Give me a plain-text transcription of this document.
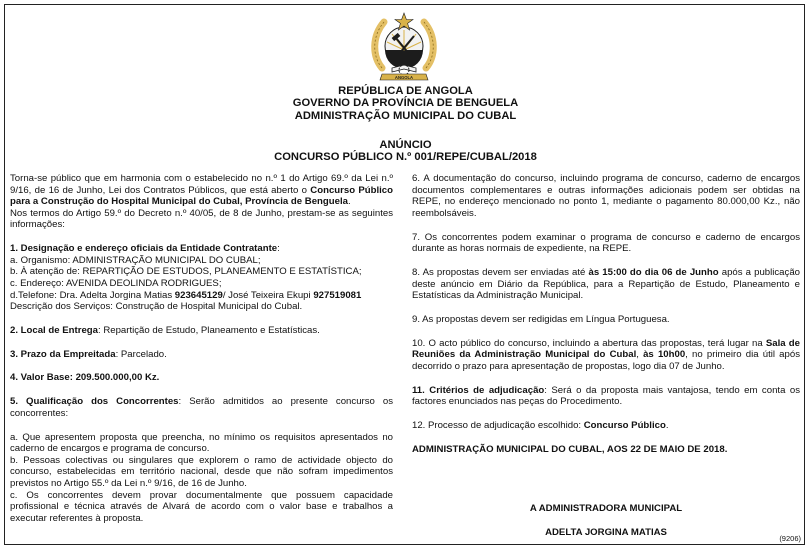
ANGOLA
REPÚBLICA DE ANGOLA
GOVERNO DA PROVÍNCIA DE BENGUELA
ADMINISTRAÇÃO MUNICIPAL DO CUBAL
ANÚNCIO
CONCURSO PÚBLICO N.º 001/REPE/CUBAL/2018

Torna-se público que em harmonia com o estabelecido no n.º 1 do Artigo 69.º da Lei n.º 9/16, de 16 de Junho, Lei dos Contratos Públicos, que está aberto o Concurso Público para a Construção do Hospital Municipal do Cubal, Província de Benguela.

Nos termos do Artigo 59.º do Decreto n.º 40/05, de 8 de Junho, prestam-se as seguintes informações:

1. Designação e endereço oficiais da Entidade Contratante:
a. Organismo: ADMINISTRAÇÃO MUNICIPAL DO CUBAL;
b. À atenção de: REPARTIÇÃO DE ESTUDOS, PLANEAMENTO E ESTATÍSTICA;
c. Endereço: AVENIDA DEOLINDA RODRIGUES;
d.Telefone: Dra. Adelta Jorgina Matias 923645129/ José Teixeira Ekupi 927519081
Descrição dos Serviços: Construção de Hospital Municipal do Cubal.

2. Local de Entrega: Repartição de Estudo, Planeamento e Estatísticas.

3. Prazo da Empreitada: Parcelado.

4. Valor Base: 209.500.000,00 Kz.

5. Qualificação dos Concorrentes: Serão admitidos ao presente concurso os concorrentes:

a. Que apresentem proposta que preencha, no mínimo os requisitos apresentados no caderno de encargos e programa de concurso.

b. Pessoas colectivas ou singulares que explorem o ramo de actividade objecto do concurso, estabelecidas em território nacional, desde que não sofram impedimentos previstos no Artigo 55.º da Lei n.º 9/16, de 16 de Junho.

c. Os concorrentes devem provar documentalmente que possuem capacidade profissional e técnica através de Alvará de acordo com o valor base e trabalhos a executar referentes à proposta.

6. A documentação do concurso, incluindo programa de concurso, caderno de encargos documentos complementares e outras informações adicionais podem ser obtidas na REPE, no endereço mencionado no ponto 1, mediante o pagamento 80.000,00 Kz., não reembolsáveis.

7. Os concorrentes podem examinar o programa de concurso e caderno de encargos durante as horas normais de expediente, na REPE.

8. As propostas devem ser enviadas até às 15:00 do dia 06 de Junho após a publicação deste anúncio em Diário da República, para a Repartição de Estudo, Planeamento e Estatísticas da Administração Municipal.

9. As propostas devem ser redigidas em Língua Portuguesa.

10. O acto público do concurso, incluindo a abertura das propostas, terá lugar na Sala de Reuniões da Administração Municipal do Cubal, às 10h00, no primeiro dia útil após decorrido o prazo para apresentação de propostas, logo dia 07 de Junho.

11. Critérios de adjudicação: Será o da proposta mais vantajosa, tendo em conta os factores enunciados nas peças do Procedimento.

12. Processo de adjudicação escolhido: Concurso Público.

ADMINISTRAÇÃO MUNICIPAL DO CUBAL, AOS 22 DE MAIO DE 2018.

A ADMINISTRADORA MUNICIPAL
ADELTA JORGINA MATIAS
(9206)
